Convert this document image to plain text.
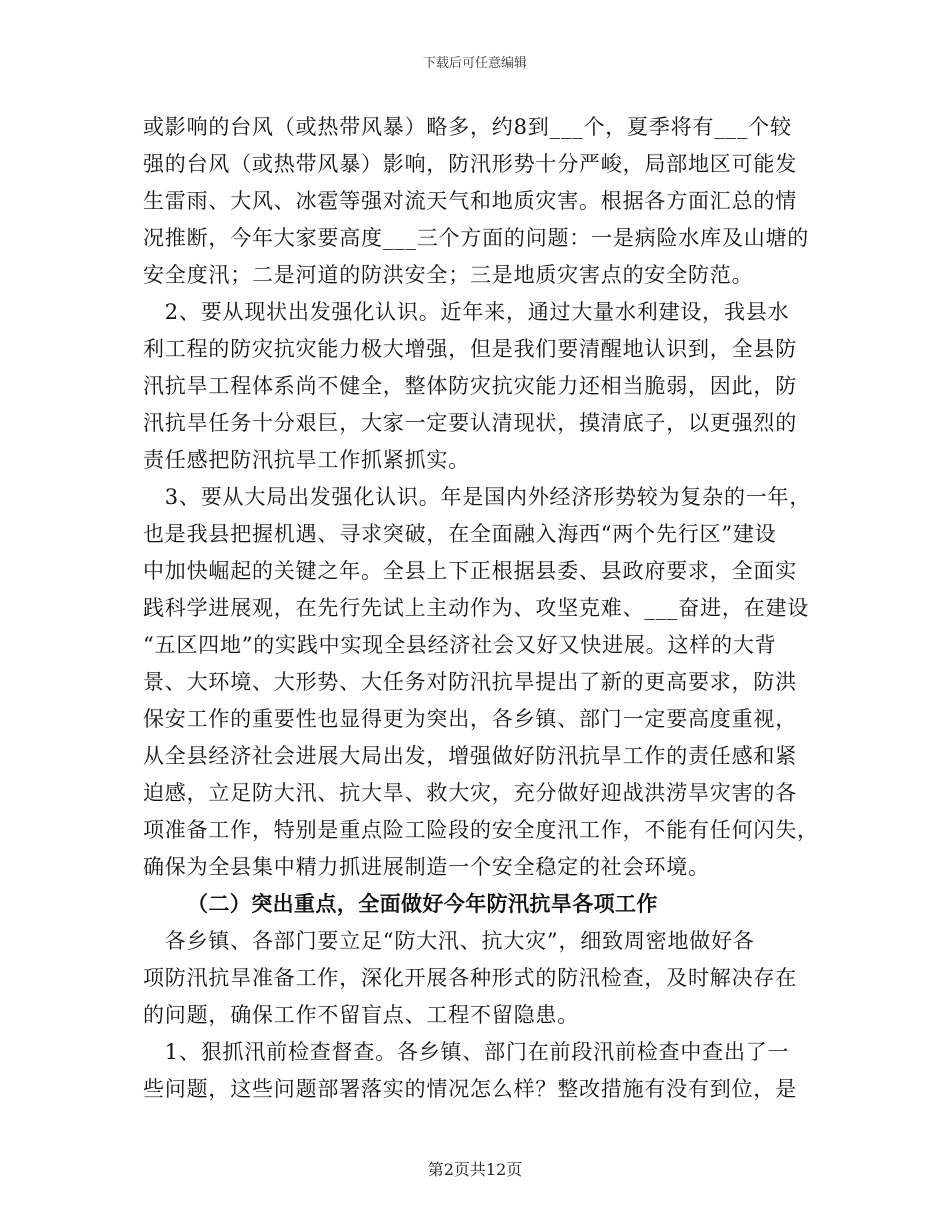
下载后可任意编辑
或影响的台风（或热带风暴）略多，约8到___个，夏季将有___个较
强的台风（或热带风暴）影响，防汛形势十分严峻，局部地区可能发
生雷雨、大风、冰雹等强对流天气和地质灾害。根据各方面汇总的情
况推断，今年大家要高度___三个方面的问题：一是病险水库及山塘的
安全度汛；二是河道的防洪安全；三是地质灾害点的安全防范。
　2、要从现状出发强化认识。近年来，通过大量水利建设，我县水
利工程的防灾抗灾能力极大增强，但是我们要清醒地认识到，全县防
汛抗旱工程体系尚不健全，整体防灾抗灾能力还相当脆弱，因此，防
汛抗旱任务十分艰巨，大家一定要认清现状，摸清底子，以更强烈的
责任感把防汛抗旱工作抓紧抓实。
　3、要从大局出发强化认识。年是国内外经济形势较为复杂的一年，
也是我县把握机遇、寻求突破，在全面融入海西“两个先行区”建设
中加快崛起的关键之年。全县上下正根据县委、县政府要求，全面实
践科学进展观，在先行先试上主动作为、攻坚克难、___奋进，在建设
“五区四地”的实践中实现全县经济社会又好又快进展。这样的大背
景、大环境、大形势、大任务对防汛抗旱提出了新的更高要求，防洪
保安工作的重要性也显得更为突出，各乡镇、部门一定要高度重视，
从全县经济社会进展大局出发，增强做好防汛抗旱工作的责任感和紧
迫感，立足防大汛、抗大旱、救大灾，充分做好迎战洪涝旱灾害的各
项准备工作，特别是重点险工险段的安全度汛工作，不能有任何闪失，
确保为全县集中精力抓进展制造一个安全稳定的社会环境。
（二）突出重点，全面做好今年防汛抗旱各项工作
　各乡镇、各部门要立足“防大汛、抗大灾”，细致周密地做好各
项防汛抗旱准备工作，深化开展各种形式的防汛检查，及时解决存在
的问题，确保工作不留盲点、工程不留隐患。
　1、狠抓汛前检查督查。各乡镇、部门在前段汛前检查中查出了一
些问题，这些问题部署落实的情况怎么样？整改措施有没有到位，是
第2页共12页
